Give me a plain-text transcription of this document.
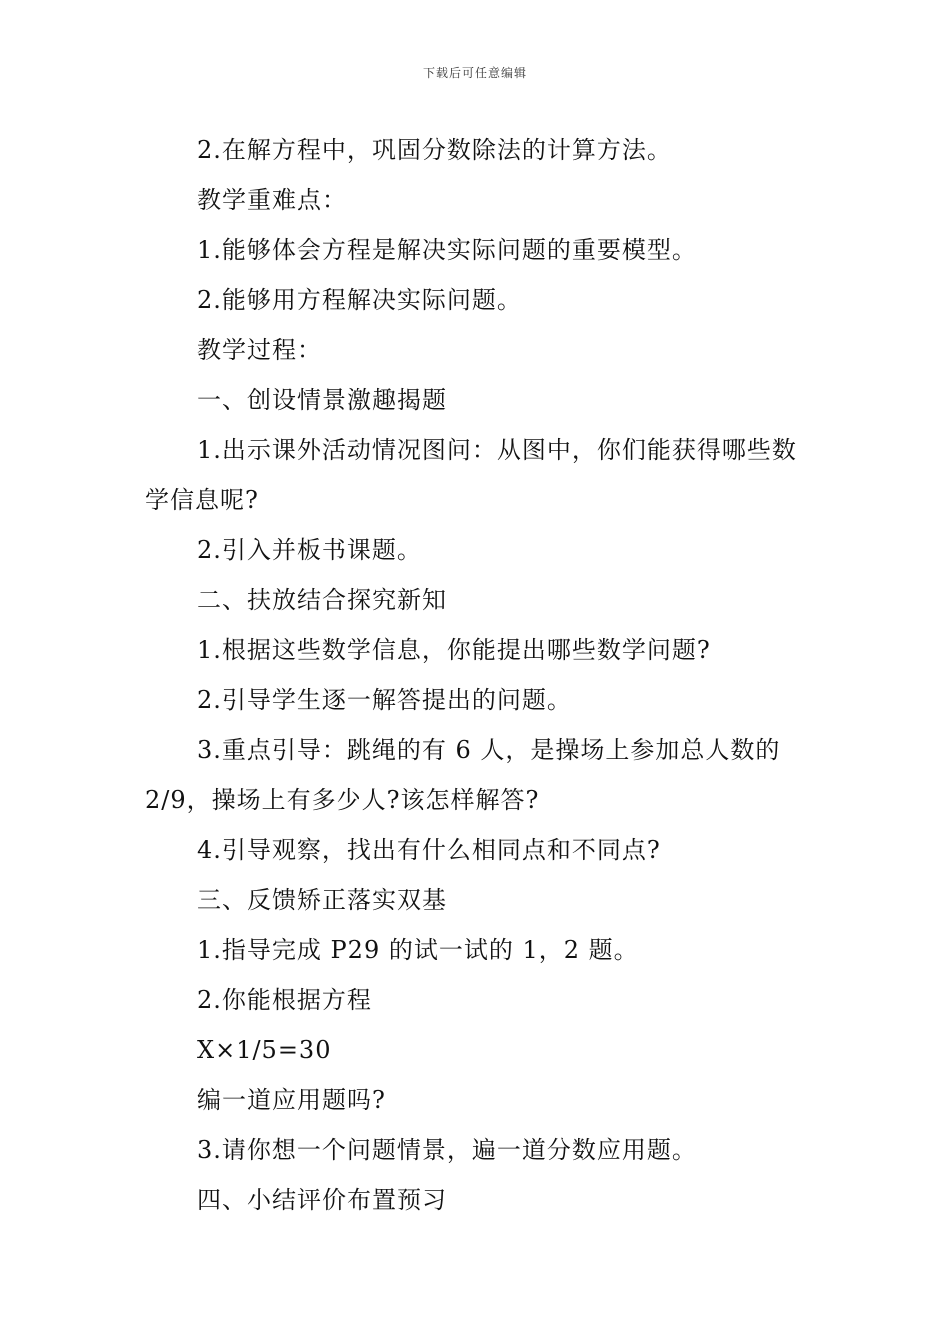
下载后可任意编辑

2.在解方程中，巩固分数除法的计算方法。

教学重难点：

1.能够体会方程是解决实际问题的重要模型。

2.能够用方程解决实际问题。

教学过程：

一、创设情景激趣揭题

1.出示课外活动情况图问：从图中，你们能获得哪些数学信息呢?

2.引入并板书课题。

二、扶放结合探究新知

1.根据这些数学信息，你能提出哪些数学问题?

2.引导学生逐一解答提出的问题。

3.重点引导：跳绳的有 6 人，是操场上参加总人数的 2/9，操场上有多少人?该怎样解答?

4.引导观察，找出有什么相同点和不同点?

三、反馈矫正落实双基

1.指导完成 P29 的试一试的 1，2 题。

2.你能根据方程

X×1/5=30

编一道应用题吗?

3.请你想一个问题情景，遍一道分数应用题。

四、小结评价布置预习
